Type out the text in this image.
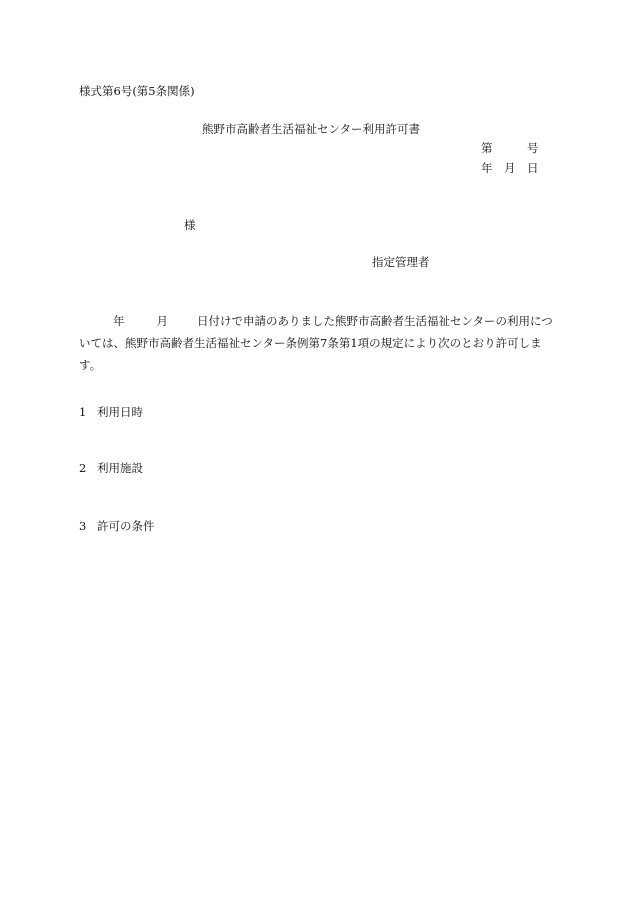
様式第6号(第5条関係)
熊野市高齢者生活福祉センター利用許可書
第	号
年 月 日
様
指定管理者
年	月	日付けで申請のありました熊野市高齢者生活福祉センターの利用につ
いては、熊野市高齢者生活福祉センター条例第7条第1項の規定により次のとおり許可しま
す。
1 利用日時
2 利用施設
3 許可の条件
